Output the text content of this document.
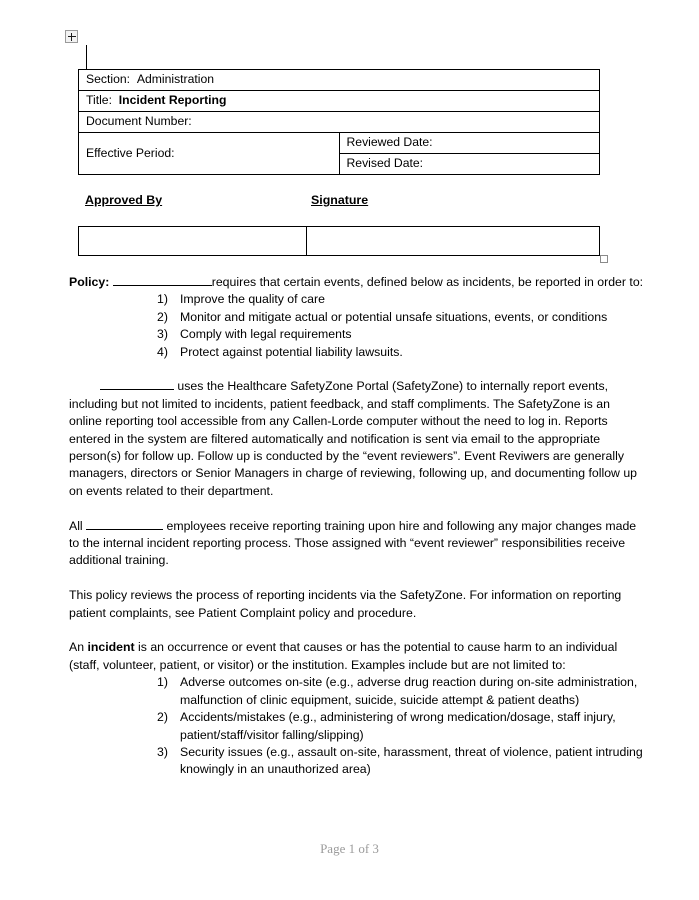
Section: Administration
Title: Incident Reporting
Document Number:
Effective Period:	Reviewed Date:
Revised Date:
Approved By	Signature

Policy:	requires that certain events, defined below as incidents, be reported in order to:

1) Improve the quality of care
2) Monitor and mitigate actual or potential unsafe situations, events, or conditions
3) Comply with legal requirements
4) Protect against potential liability lawsuits.

uses the Healthcare SafetyZone Portal (SafetyZone) to internally report events, including but not limited to incidents, patient feedback, and staff compliments. The SafetyZone is an online reporting tool accessible from any Callen-Lorde computer without the need to log in. Reports entered in the system are filtered automatically and notification is sent via email to the appropriate person(s) for follow up. Follow up is conducted by the “event reviewers”. Event Reviwers are generally managers, directors or Senior Managers in charge of reviewing, following up, and documenting follow up on events related to their department.

All	employees receive reporting training upon hire and following any major changes made to the internal incident reporting process. Those assigned with “event reviewer” responsibilities receive additional training.

This policy reviews the process of reporting incidents via the SafetyZone. For information on reporting patient complaints, see Patient Complaint policy and procedure.

An incident is an occurrence or event that causes or has the potential to cause harm to an individual (staff, volunteer, patient, or visitor) or the institution. Examples include but are not limited to:

1) Adverse outcomes on-site (e.g., adverse drug reaction during on-site administration, malfunction of clinic equipment, suicide, suicide attempt & patient deaths)
2) Accidents/mistakes (e.g., administering of wrong medication/dosage, staff injury, patient/staff/visitor falling/slipping)
3) Security issues (e.g., assault on-site, harassment, threat of violence, patient intruding knowingly in an unauthorized area)
Page 1 of 3
